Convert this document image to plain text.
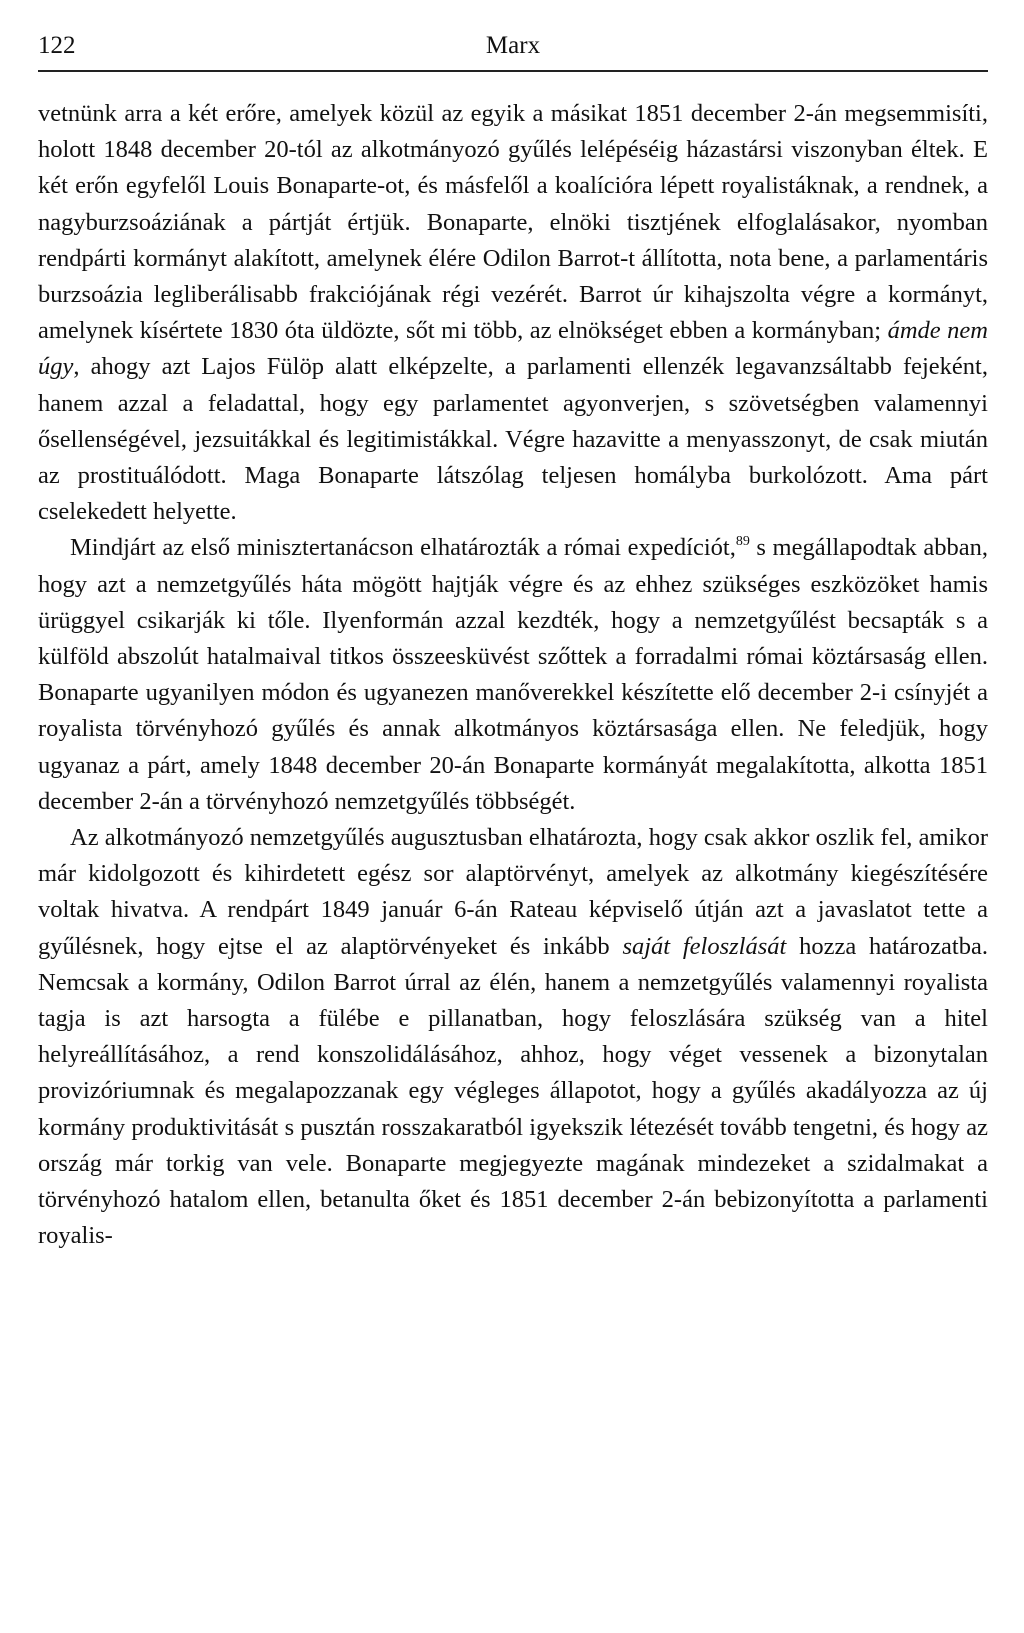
122	Marx

vetnünk arra a két erőre, amelyek közül az egyik a másikat 1851 december 2-án megsemmisíti, holott 1848 december 20-tól az alkotmányozó gyűlés lelépéséig házastársi viszonyban éltek. E két erőn egyfelől Louis Bonaparte-ot, és másfelől a koalícióra lépett royalistáknak, a rendnek, a nagyburzsoáziának a pártját értjük. Bonaparte, elnöki tisztjének elfoglalásakor, nyomban rendpárti kormányt alakított, amelynek élére Odilon Barrot-t állította, nota bene, a parlamentáris burzsoázia legliberálisabb frakciójának régi vezérét. Barrot úr kihajszolta végre a kormányt, amelynek kísértete 1830 óta üldözte, sőt mi több, az elnökséget ebben a kormányban; ámde nem úgy, ahogy azt Lajos Fülöp alatt elképzelte, a parlamenti ellenzék legavanzsáltabb fejeként, hanem azzal a feladattal, hogy egy parlamentet agyonverjen, s szövetségben valamennyi ősellenségével, jezsuitákkal és legitimistákkal. Végre hazavitte a menyasszonyt, de csak miután az prostituálódott. Maga Bonaparte látszólag teljesen homályba burkolózott. Ama párt cselekedett helyette.

Mindjárt az első minisztertanácson elhatározták a római expedíciót,$^{89}$ s megállapodtak abban, hogy azt a nemzetgyűlés háta mögött hajtják végre és az ehhez szükséges eszközöket hamis ürüggyel csikarják ki tőle. Ilyenformán azzal kezdték, hogy a nemzetgyűlést becsapták s a külföld abszolút hatalmaival titkos összeesküvést szőttek a forradalmi római köztársaság ellen. Bonaparte ugyanilyen módon és ugyanezen manőverekkel készítette elő december 2-i csínyjét a royalista törvényhozó gyűlés és annak alkotmányos köztársasága ellen. Ne feledjük, hogy ugyanaz a párt, amely 1848 december 20-án Bonaparte kormányát megalakította, alkotta 1851 december 2-án a törvényhozó nemzetgyűlés többségét.

Az alkotmányozó nemzetgyűlés augusztusban elhatározta, hogy csak akkor oszlik fel, amikor már kidolgozott és kihirdetett egész sor alaptörvényt, amelyek az alkotmány kiegészítésére voltak hivatva. A rendpárt 1849 január 6-án Rateau képviselő útján azt a javaslatot tette a gyűlésnek, hogy ejtse el az alaptörvényeket és inkább saját feloszlását hozza határozatba. Nemcsak a kormány, Odilon Barrot úrral az élén, hanem a nemzetgyűlés valamennyi royalista tagja is azt harsogta a fülébe e pillanatban, hogy feloszlására szükség van a hitel helyreállításához, a rend konszolidálásához, ahhoz, hogy véget vessenek a bizonytalan provizóriumnak és megalapozzanak egy végleges állapotot, hogy a gyűlés akadályozza az új kormány produktivitását s pusztán rosszakaratból igyekszik létezését tovább tengetni, és hogy az ország már torkig van vele. Bonaparte megjegyezte magának mindezeket a szidalmakat a törvényhozó hatalom ellen, betanulta őket és 1851 december 2-án bebizonyította a parlamenti royalis-
